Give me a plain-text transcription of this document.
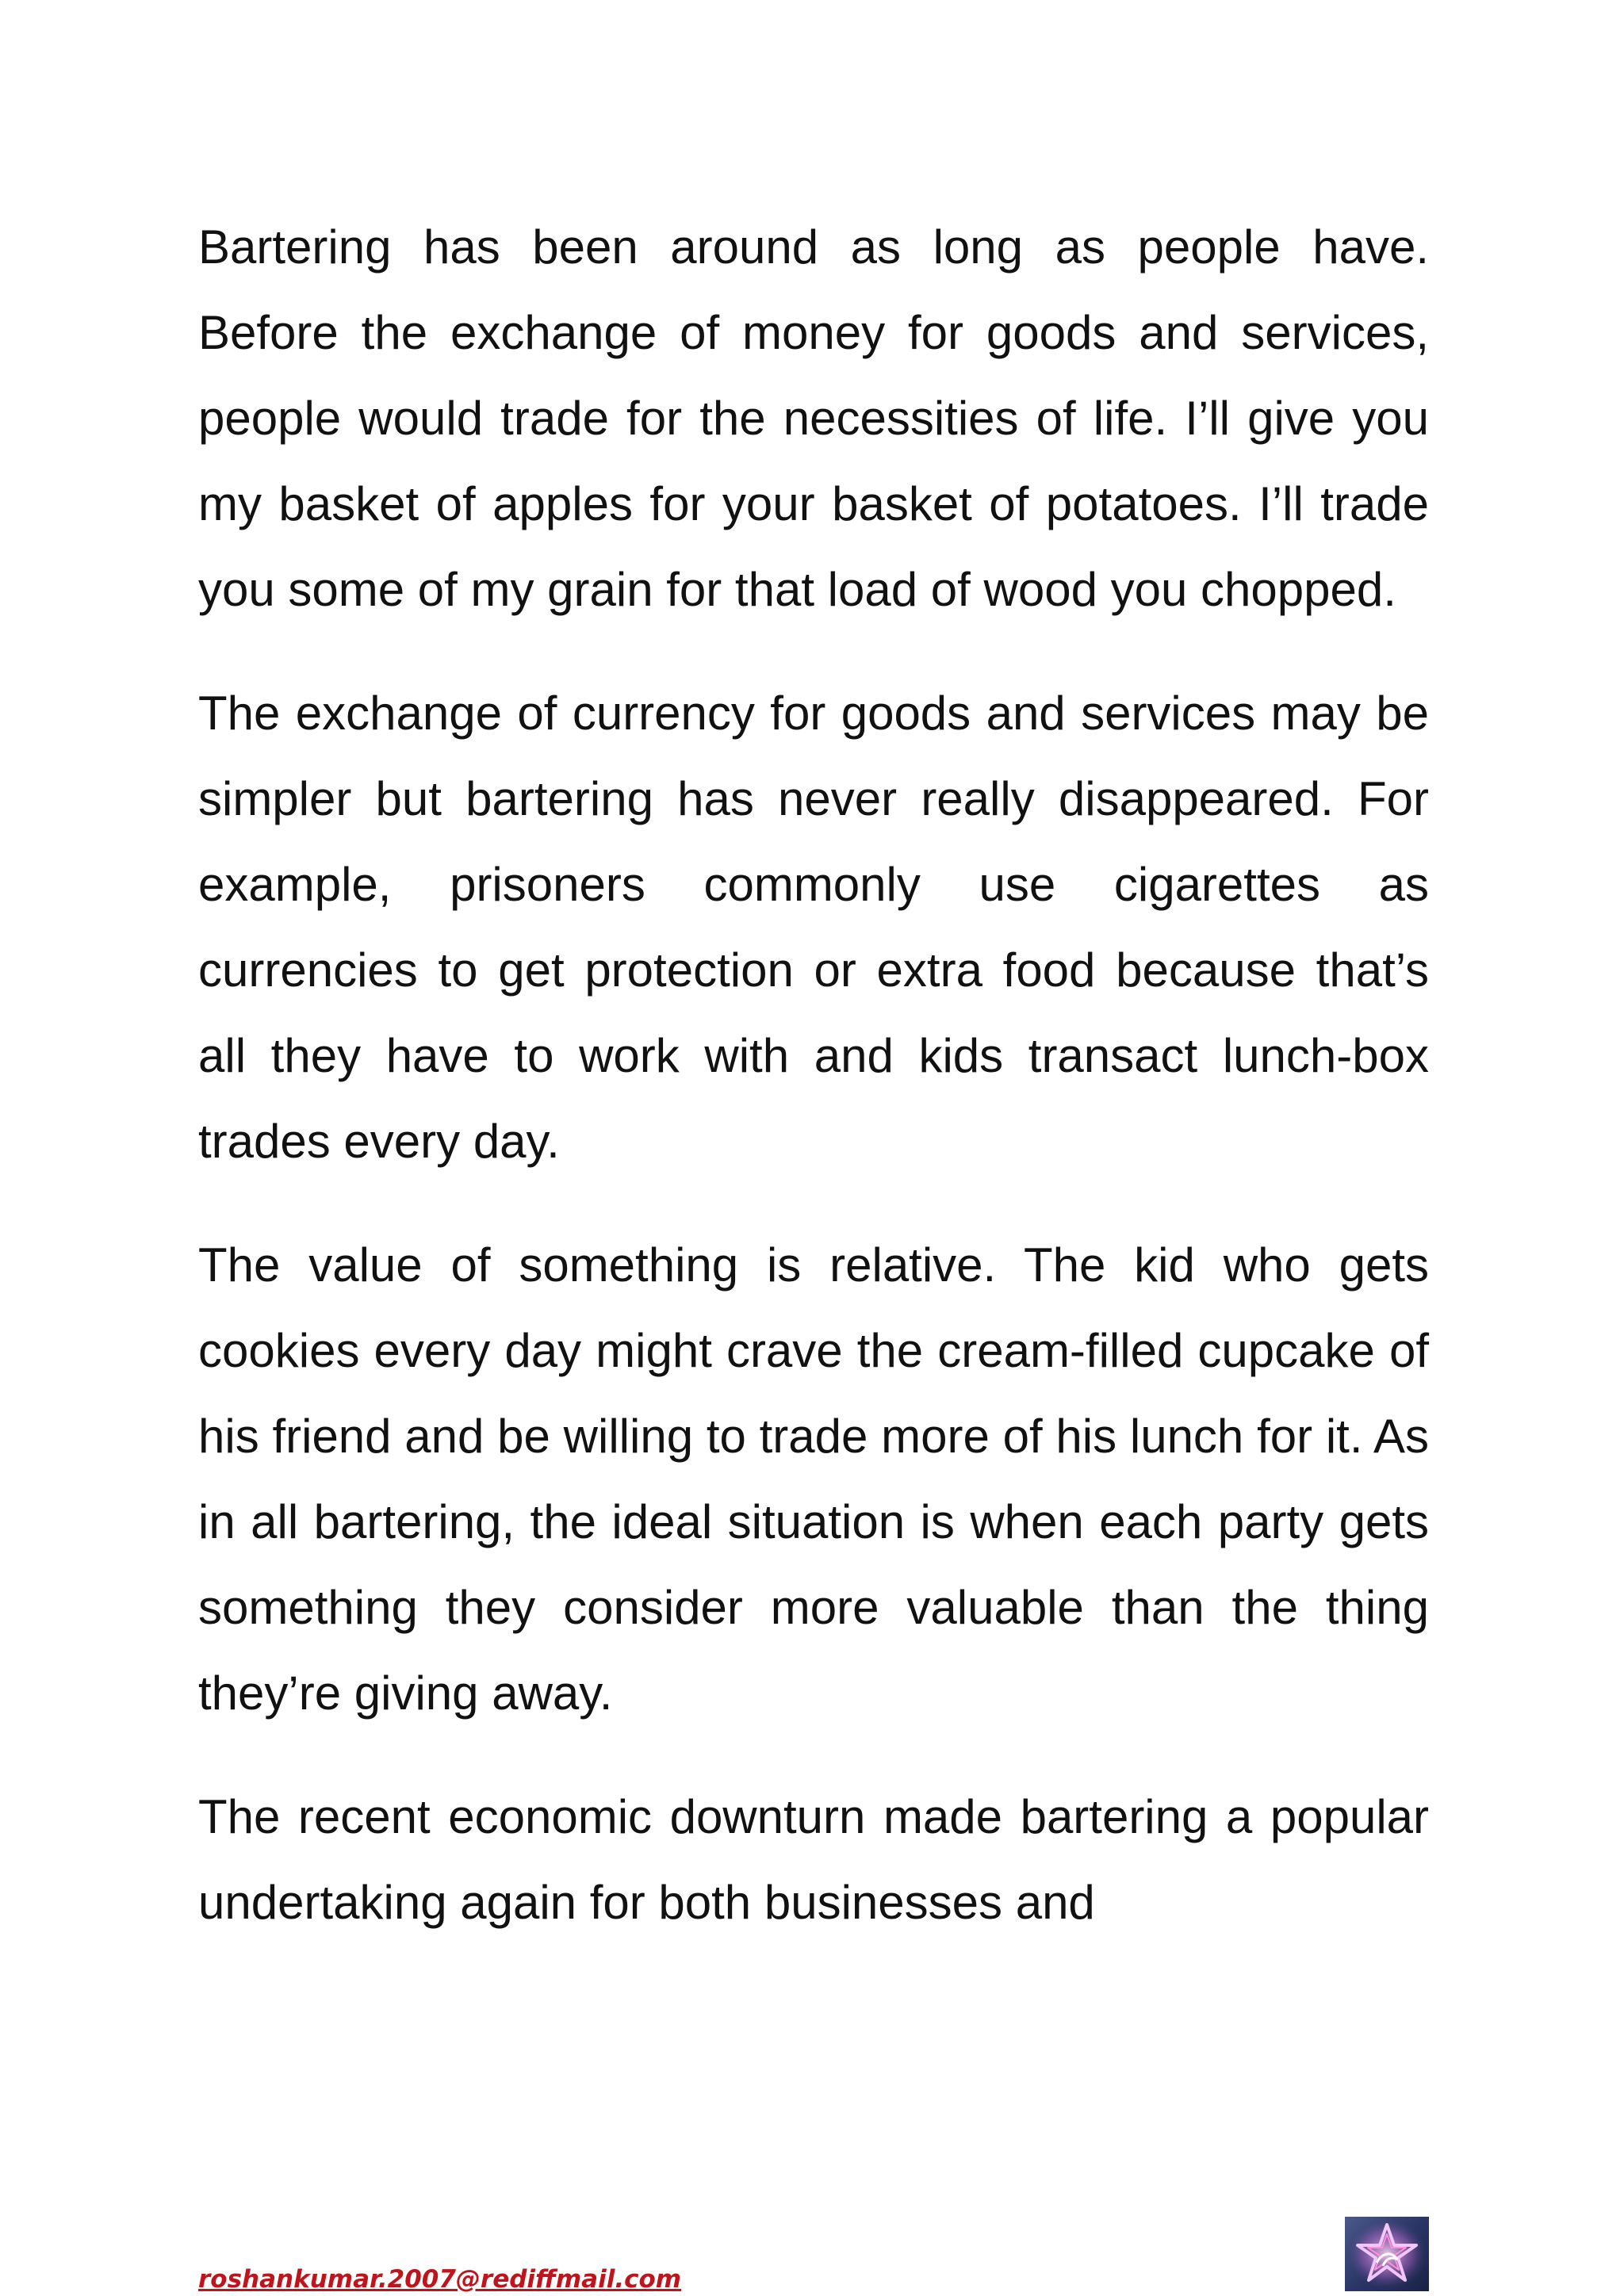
Bartering has been around as long as people have. Before the exchange of money for goods and services, people would trade for the necessities of life. I’ll give you my basket of apples for your basket of potatoes. I’ll trade you some of my grain for that load of wood you chopped.

The exchange of currency for goods and services may be simpler but bartering has never really disappeared. For example, prisoners commonly use cigarettes as currencies to get protection or extra food because that’s all they have to work with and kids transact lunch-box trades every day.

The value of something is relative. The kid who gets cookies every day might crave the cream-filled cupcake of his friend and be willing to trade more of his lunch for it. As in all bartering, the ideal situation is when each party gets something they consider more valuable than the thing they’re giving away.

The recent economic downturn made bartering a popular undertaking again for both businesses and

roshankumar.2007@rediffmail.com
